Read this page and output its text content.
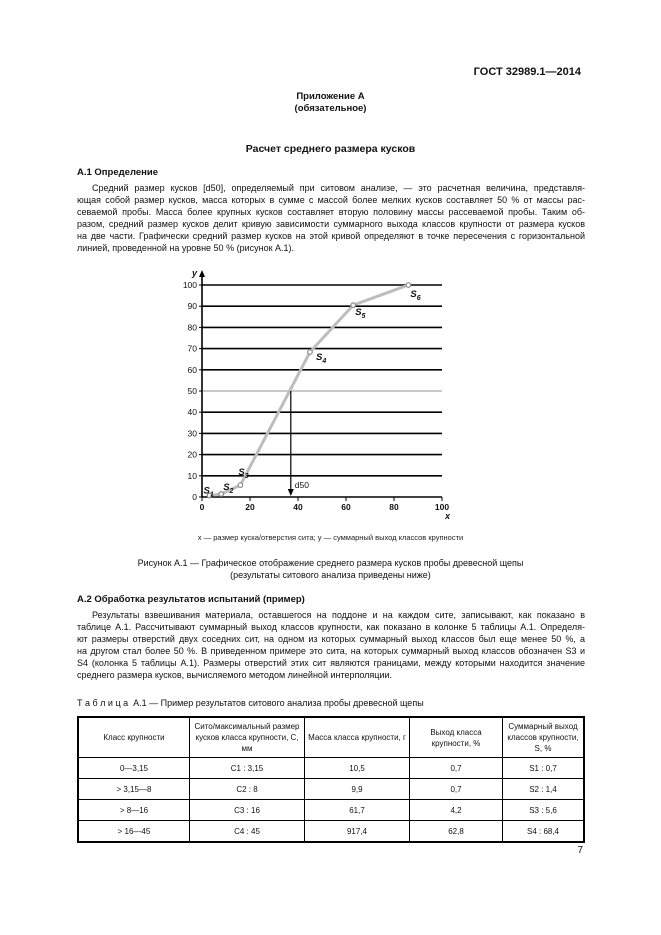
ГОСТ 32989.1—2014
Приложение А
(обязательное)
Расчет среднего размера кусков
А.1 Определение
Средний размер кусков [d50], определяемый при ситовом анализе, — это расчетная величина, представля-
ющая собой размер кусков, масса которых в сумме с массой более мелких кусков составляет 50 % от массы рас-
севаемой пробы. Масса более крупных кусков составляет вторую половину массы рассеваемой пробы. Таким об-
разом, средний размер кусков делит кривую зависимости суммарного выхода классов крупности от размера кусков
на две части. Графически средний размер кусков на этой кривой определяют в точке пересечения с горизонтальной
линией, проведенной на уровне 50 % (рисунок А.1).
0
10
20
30
40
50
60
70
80
90
100
0	20	40	60	80	100
y
x
$S_1$
$S_2$
$S_3$
$S_4$
$S_5$
$S_6$
d50
x — размер куска/отверстия сита; y — суммарный выход классов крупности
Рисунок А.1 — Графическое отображение среднего размера кусков пробы древесной щепы
(результаты ситового анализа приведены ниже)
А.2 Обработка результатов испытаний (пример)
Результаты взвешивания материала, оставшегося на поддоне и на каждом сите, записывают, как показано в
таблице А.1. Рассчитывают суммарный выход классов крупности, как показано в колонке 5 таблицы А.1. Определя-
ют размеры отверстий двух соседних сит, на одном из которых суммарный выход классов был еще менее 50 %, а
на другом стал более 50 %. В приведенном примере это сита, на которых суммарный выход классов обозначен S3 и
S4 (колонка 5 таблицы А.1). Размеры отверстий этих сит являются границами, между которыми находится значение
среднего размера кусков, вычисляемого методом линейной интерполяции.
Т а б л и ц а  А.1 — Пример результатов ситового анализа пробы древесной щепы
Класс крупности	Сито/максимальный размер кусков класса крупности, C, мм	Масса класса крупности, г	Выход класса крупности, %	Суммарный выход классов крупности, S, %
0—3,15	C1 : 3,15	10,5	0,7	S1 : 0,7
> 3,15—8	C2 : 8	9,9	0,7	S2 : 1,4
> 8—16	C3 : 16	61,7	4,2	S3 : 5,6
> 16—45	C4 : 45	917,4	62,8	S4 : 68,4
7
